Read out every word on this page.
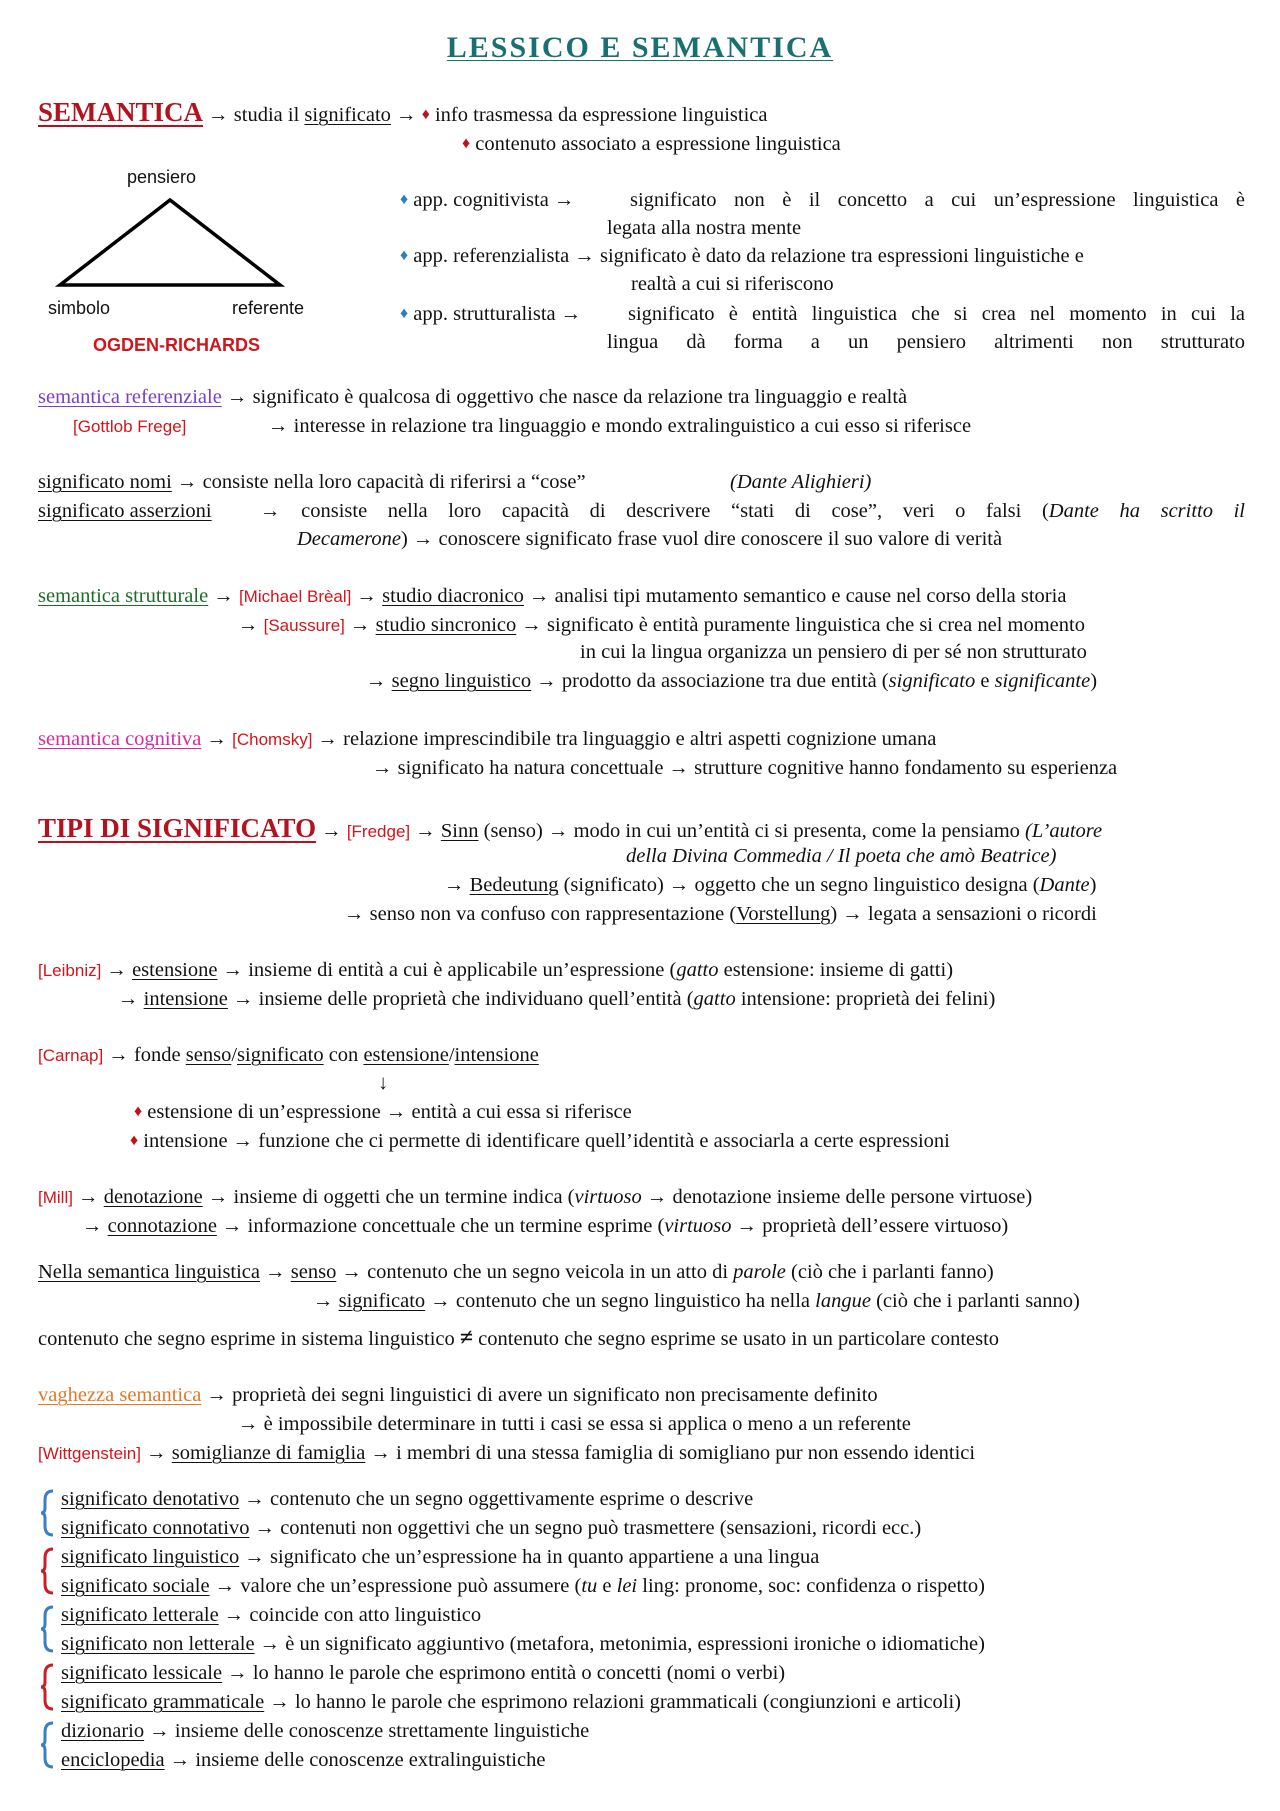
LESSICO E SEMANTICA
SEMANTICA → studia il significato → ♦ info trasmessa da espressione linguistica
♦ contenuto associato a espressione linguistica
pensiero
simbolo	referente
OGDEN-RICHARDS
♦ app. cognitivista →	significato non è il concetto a cui un’espressione linguistica è
legata alla nostra mente
♦ app. referenzialista → significato è dato da relazione tra espressioni linguistiche e
realtà a cui si riferiscono
♦ app. strutturalista → significato è entità linguistica che si crea nel momento in cui la
lingua dà forma a un pensiero altrimenti non strutturato
semantica referenziale → significato è qualcosa di oggettivo che nasce da relazione tra linguaggio e realtà
[Gottlob Frege]	→ interesse in relazione tra linguaggio e mondo extralinguistico a cui esso si riferisce
significato nomi → consiste nella loro capacità di riferirsi a “cose”	(Dante Alighieri)
significato asserzioni → consiste nella loro capacità di descrivere “stati di cose”, veri o falsi (Dante ha scritto il
Decamerone) → conoscere significato frase vuol dire conoscere il suo valore di verità
semantica strutturale → [Michael Brèal] → studio diacronico → analisi tipi mutamento semantico e cause nel corso della storia
→ [Saussure] → studio sincronico → significato è entità puramente linguistica che si crea nel momento
in cui la lingua organizza un pensiero di per sé non strutturato
→ segno linguistico → prodotto da associazione tra due entità (significato e significante)
semantica cognitiva → [Chomsky] → relazione imprescindibile tra linguaggio e altri aspetti cognizione umana
→ significato ha natura concettuale → strutture cognitive hanno fondamento su esperienza
TIPI DI SIGNIFICATO → [Fredge] → Sinn (senso) → modo in cui un’entità ci si presenta, come la pensiamo (L’autore
della Divina Commedia / Il poeta che amò Beatrice)
→ Bedeutung (significato) → oggetto che un segno linguistico designa (Dante)
→ senso non va confuso con rappresentazione (Vorstellung) → legata a sensazioni o ricordi
[Leibniz] → estensione → insieme di entità a cui è applicabile un’espressione (gatto estensione: insieme di gatti)
→ intensione → insieme delle proprietà che individuano quell’entità (gatto intensione: proprietà dei felini)
[Carnap] → fonde senso/significato con estensione/intensione
↓
♦ estensione di un’espressione → entità a cui essa si riferisce
♦ intensione → funzione che ci permette di identificare quell’identità e associarla a certe espressioni
[Mill] → denotazione → insieme di oggetti che un termine indica (virtuoso → denotazione insieme delle persone virtuose)
→ connotazione → informazione concettuale che un termine esprime (virtuoso → proprietà dell’essere virtuoso)
Nella semantica linguistica → senso → contenuto che un segno veicola in un atto di parole (ciò che i parlanti fanno)
→ significato → contenuto che un segno linguistico ha nella langue (ciò che i parlanti sanno)
contenuto che segno esprime in sistema linguistico ≠ contenuto che segno esprime se usato in un particolare contesto
vaghezza semantica → proprietà dei segni linguistici di avere un significato non precisamente definito
→ è impossibile determinare in tutti i casi se essa si applica o meno a un referente
[Wittgenstein] → somiglianze di famiglia → i membri di una stessa famiglia di somigliano pur non essendo identici
significato denotativo → contenuto che un segno oggettivamente esprime o descrive
significato connotativo → contenuti non oggettivi che un segno può trasmettere (sensazioni, ricordi ecc.)
significato linguistico → significato che un’espressione ha in quanto appartiene a una lingua
significato sociale → valore che un’espressione può assumere (tu e lei ling: pronome, soc: confidenza o rispetto)
significato letterale → coincide con atto linguistico
significato non letterale → è un significato aggiuntivo (metafora, metonimia, espressioni ironiche o idiomatiche)
significato lessicale → lo hanno le parole che esprimono entità o concetti (nomi o verbi)
significato grammaticale → lo hanno le parole che esprimono relazioni grammaticali (congiunzioni e articoli)
dizionario → insieme delle conoscenze strettamente linguistiche
enciclopedia → insieme delle conoscenze extralinguistiche
